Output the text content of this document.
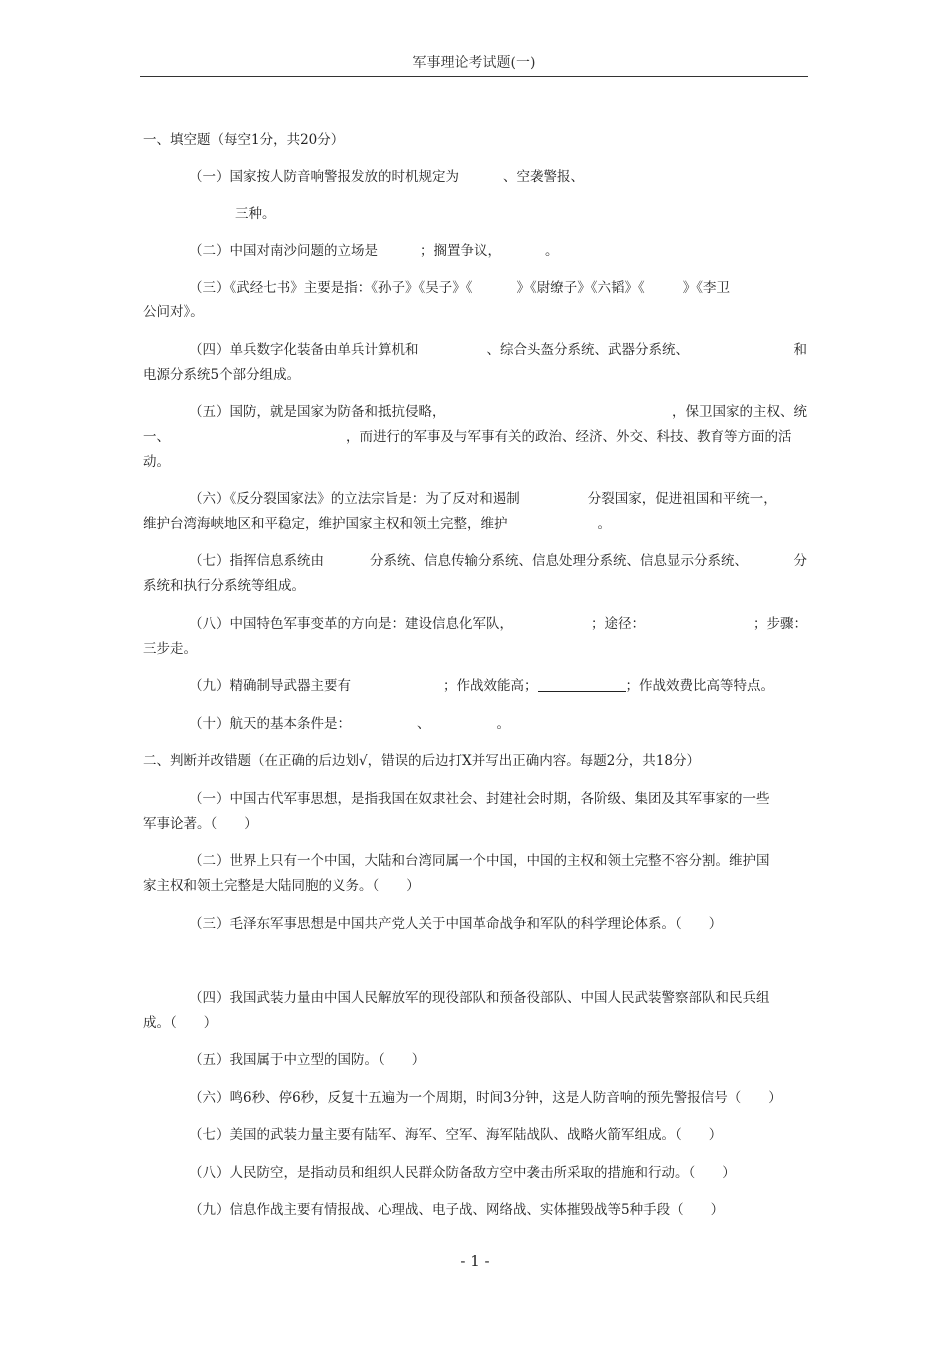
军事理论考试题(一)
一、填空题（每空1分，共20分）
（一）国家按人防音响警报发放的时机规定为	、空袭警报、
三种。
（二）中国对南沙问题的立场是	；搁置争议，	。
（三）《武经七书》主要是指：《孙子》《吴子》《	》《尉缭子》《六韬》《	》《李卫
公问对》。
（四）单兵数字化装备由单兵计算机和	、综合头盔分系统、武器分系统、	和
电源分系统5个部分组成。
（五）国防，就是国家为防备和抵抗侵略，	，保卫国家的主权、统
一、	，而进行的军事及与军事有关的政治、经济、外交、科技、教育等方面的活
动。
（六）《反分裂国家法》的立法宗旨是：为了反对和遏制	分裂国家，促进祖国和平统一，
维护台湾海峡地区和平稳定，维护国家主权和领土完整，维护	。
（七）指挥信息系统由	分系统、信息传输分系统、信息处理分系统、信息显示分系统、	分
系统和执行分系统等组成。
（八）中国特色军事变革的方向是：建设信息化军队，	；途径：	；步骤：
三步走。
（九）精确制导武器主要有	；作战效能高；	；作战效费比高等特点。
（十）航天的基本条件是：	、	。
二、判断并改错题（在正确的后边划√，错误的后边打X并写出正确内容。每题2分，共18分）
（一）中国古代军事思想，是指我国在奴隶社会、封建社会时期，各阶级、集团及其军事家的一些
军事论著。（　　）
（二）世界上只有一个中国，大陆和台湾同属一个中国，中国的主权和领土完整不容分割。维护国
家主权和领土完整是大陆同胞的义务。（　　）
（三）毛泽东军事思想是中国共产党人关于中国革命战争和军队的科学理论体系。（　　）
（四）我国武装力量由中国人民解放军的现役部队和预备役部队、中国人民武装警察部队和民兵组
成。（　　）
（五）我国属于中立型的国防。（　　）
（六）鸣6秒、停6秒，反复十五遍为一个周期，时间3分钟，这是人防音响的预先警报信号（　　）
（七）美国的武装力量主要有陆军、海军、空军、海军陆战队、战略火箭军组成。（　　）
（八）人民防空，是指动员和组织人民群众防备敌方空中袭击所采取的措施和行动。（　　）
（九）信息作战主要有情报战、心理战、电子战、网络战、实体摧毁战等5种手段（　　）
- 1 -
